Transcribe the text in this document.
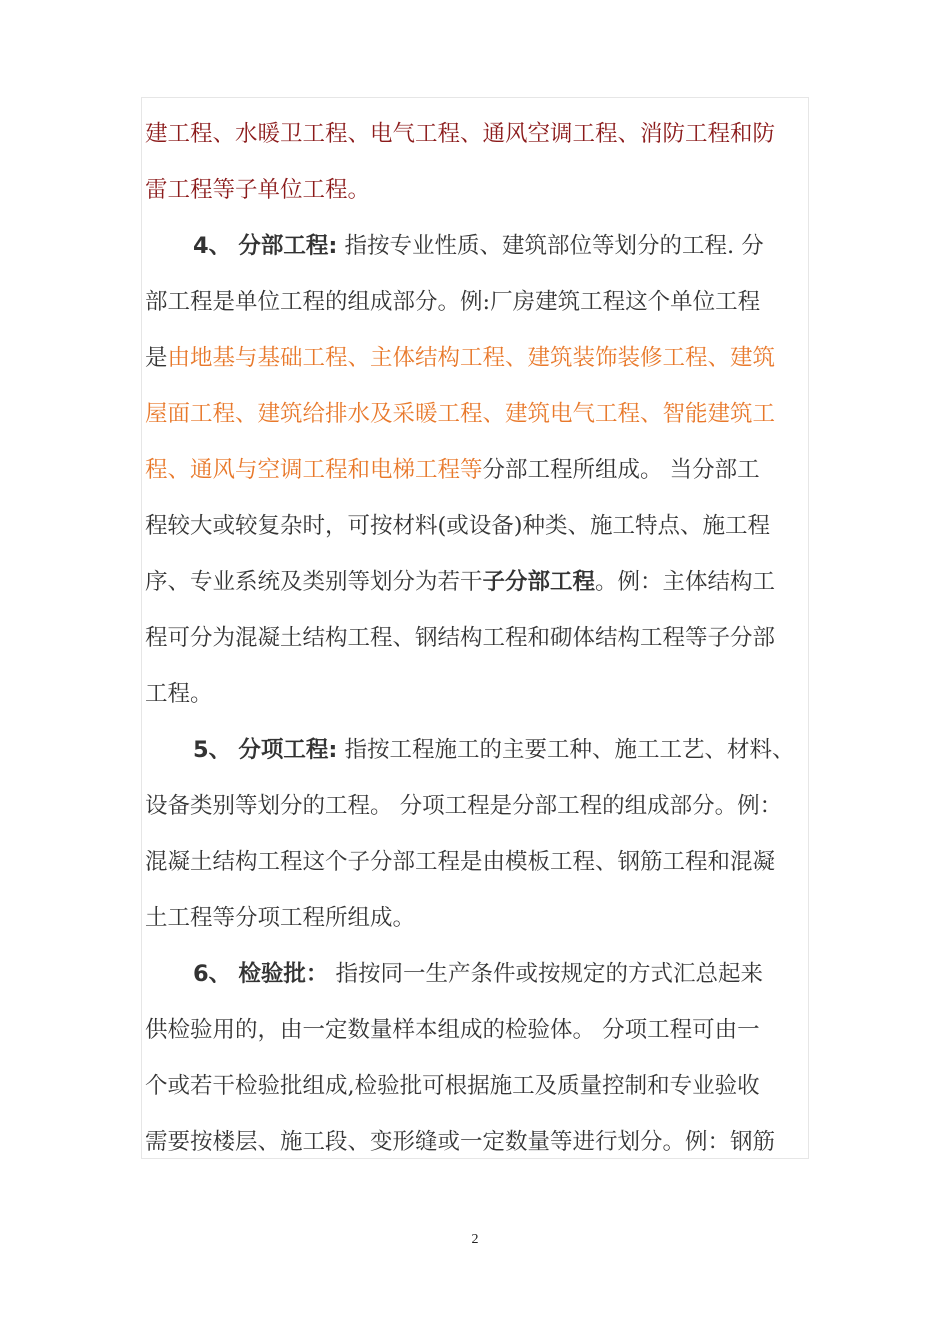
建工程、水暖卫工程、电气工程、通风空调工程、消防工程和防
雷工程等子单位工程。
4、 分部工程: 指按专业性质、建筑部位等划分的工程. 分
部工程是单位工程的组成部分。例:厂房建筑工程这个单位工程
是由地基与基础工程、主体结构工程、建筑装饰装修工程、建筑
屋面工程、建筑给排水及采暖工程、建筑电气工程、智能建筑工
程、通风与空调工程和电梯工程等分部工程所组成。 当分部工
程较大或较复杂时，可按材料(或设备)种类、施工特点、施工程
序、专业系统及类别等划分为若干子分部工程。例：主体结构工
程可分为混凝土结构工程、钢结构工程和砌体结构工程等子分部
工程。
5、 分项工程: 指按工程施工的主要工种、施工工艺、材料、
设备类别等划分的工程。 分项工程是分部工程的组成部分。例：
混凝土结构工程这个子分部工程是由模板工程、钢筋工程和混凝
土工程等分项工程所组成。
6、 检验批： 指按同一生产条件或按规定的方式汇总起来
供检验用的，由一定数量样本组成的检验体。 分项工程可由一
个或若干检验批组成,检验批可根据施工及质量控制和专业验收
需要按楼层、施工段、变形缝或一定数量等进行划分。例：钢筋
2
